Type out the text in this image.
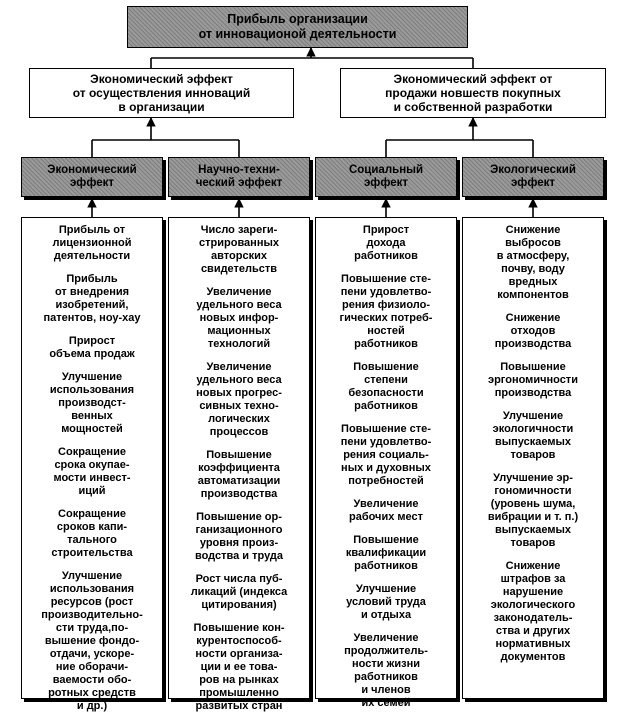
Прибыль организации
от инновационой деятельности
Экономический эффект
от осуществления инноваций
в организации
Экономический эффект от
продажи новшеств покупных
и собственной разработки
Экономический
эффект
Научно-техни-
ческий эффект
Социальный
эффект
Экологический
эффект
Прибыль от
лицензионной
деятельности
Прибыль
от внедрения
изобретений,
патентов, ноу-хау
Прирост
объема продаж
Улучшение
использования
производст-
венных
мощностей
Сокращение
срока окупае-
мости инвест-
иций
Сокращение
сроков капи-
тального
строительства
Улучшение
использования
ресурсов (рост
производительно-
сти труда,по-
вышение фондо-
отдачи, ускоре-
ние оборачи-
ваемости обо-
ротных средств
и др.)
Число зареги-
стрированных
авторских
свидетельств
Увеличение
удельного веса
новых инфор-
мационных
технологий
Увеличение
удельного веса
новых прогрес-
сивных техно-
логических
процессов
Повышение
коэффициента
автоматизации
производства
Повышение ор-
ганизационного
уровня произ-
водства и труда
Рост числа пуб-
ликаций (индекса
цитирования)
Повышение кон-
курентоспособ-
ности организа-
ции и ее това-
ров на рынках
промышленно
развитых стран
Прирост
дохода
работников
Повышение сте-
пени удовлетво-
рения физиоло-
гических потреб-
ностей
работников
Повышение
степени
безопасности
работников
Повышение сте-
пени удовлетво-
рения социаль-
ных и духовных
потребностей
Увеличение
рабочих мест
Повышение
квалификации
работников
Улучшение
условий труда
и отдыха
Увеличение
продолжитель-
ности жизни
работников
и членов
их семей
Снижение
выбросов
в атмосферу,
почву, воду
вредных
компонентов
Снижение
отходов
производства
Повышение
эргономичности
производства
Улучшение
экологичности
выпускаемых
товаров
Улучшение эр-
гономичности
(уровень шума,
вибрации и т. п.)
выпускаемых
товаров
Снижение
штрафов за
нарушение
экологического
законодатель-
ства и других
нормативных
документов
